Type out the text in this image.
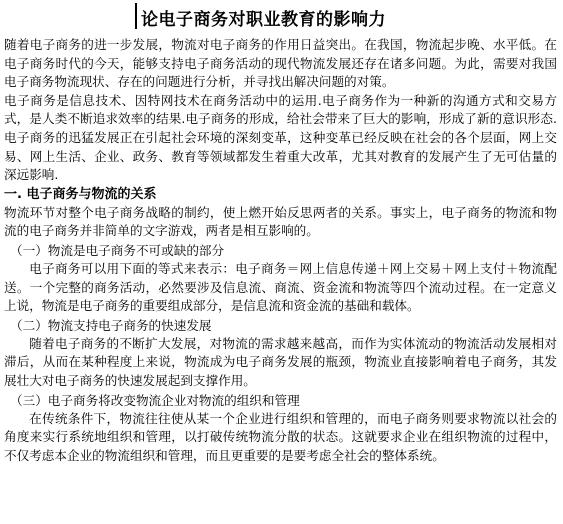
论电子商务对职业教育的影响力

随着电子商务的进一步发展，物流对电子商务的作用日益突出。在我国，物流起步晚、水平低。在电子商务时代的今天，能够支持电子商务活动的现代物流发展还存在诸多问题。为此，需要对我国电子商务物流现状、存在的问题进行分析，并寻找出解决问题的对策。

电子商务是信息技术、因特网技术在商务活动中的运用.电子商务作为一种新的沟通方式和交易方式，是人类不断追求效率的结果.电子商务的形成，给社会带来了巨大的影响，形成了新的意识形态.电子商务的迅猛发展正在引起社会环境的深刻变革，这种变革已经反映在社会的各个层面，网上交易、网上生活、企业、政务、教育等领域都发生着重大改革，尤其对教育的发展产生了无可估量的深远影响.

一. 电子商务与物流的关系

物流环节对整个电子商务战略的制约，使上燃开始反思两者的关系。事实上，电子商务的物流和物流的电子商务并非简单的文字游戏，两者是相互影响的。

（一）物流是电子商务不可或缺的部分

电子商务可以用下面的等式来表示：电子商务＝网上信息传递＋网上交易＋网上支付＋物流配送。一个完整的商务活动，必然要涉及信息流、商流、资金流和物流等四个流动过程。在一定意义上说，物流是电子商务的重要组成部分，是信息流和资金流的基础和载体。

（二）物流支持电子商务的快速发展

随着电子商务的不断扩大发展，对物流的需求越来越高，而作为实体流动的物流活动发展相对滞后，从而在某种程度上来说，物流成为电子商务发展的瓶颈，物流业直接影响着电子商务，其发展壮大对电子商务的快速发展起到支撑作用。

（三）电子商务将改变物流企业对物流的组织和管理

在传统条件下，物流往往使从某一个企业进行组织和管理的，而电子商务则要求物流以社会的角度来实行系统地组织和管理，以打破传统物流分散的状态。这就要求企业在组织物流的过程中，不仅考虑本企业的物流组织和管理，而且更重要的是要考虑全社会的整体系统。
